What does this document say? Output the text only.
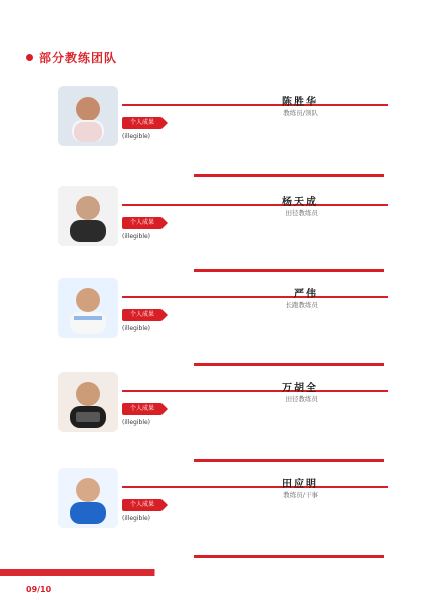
部分教练团队
陈胜华
教练员/领队
个人成果
(illegible)
杨天成
田径教练员
个人成果
(illegible)
严伟
长跑教练员
个人成果
(illegible)
万胡全
田径教练员
个人成果
(illegible)
田应明
教练员/干事
个人成果
(illegible)
09/10
